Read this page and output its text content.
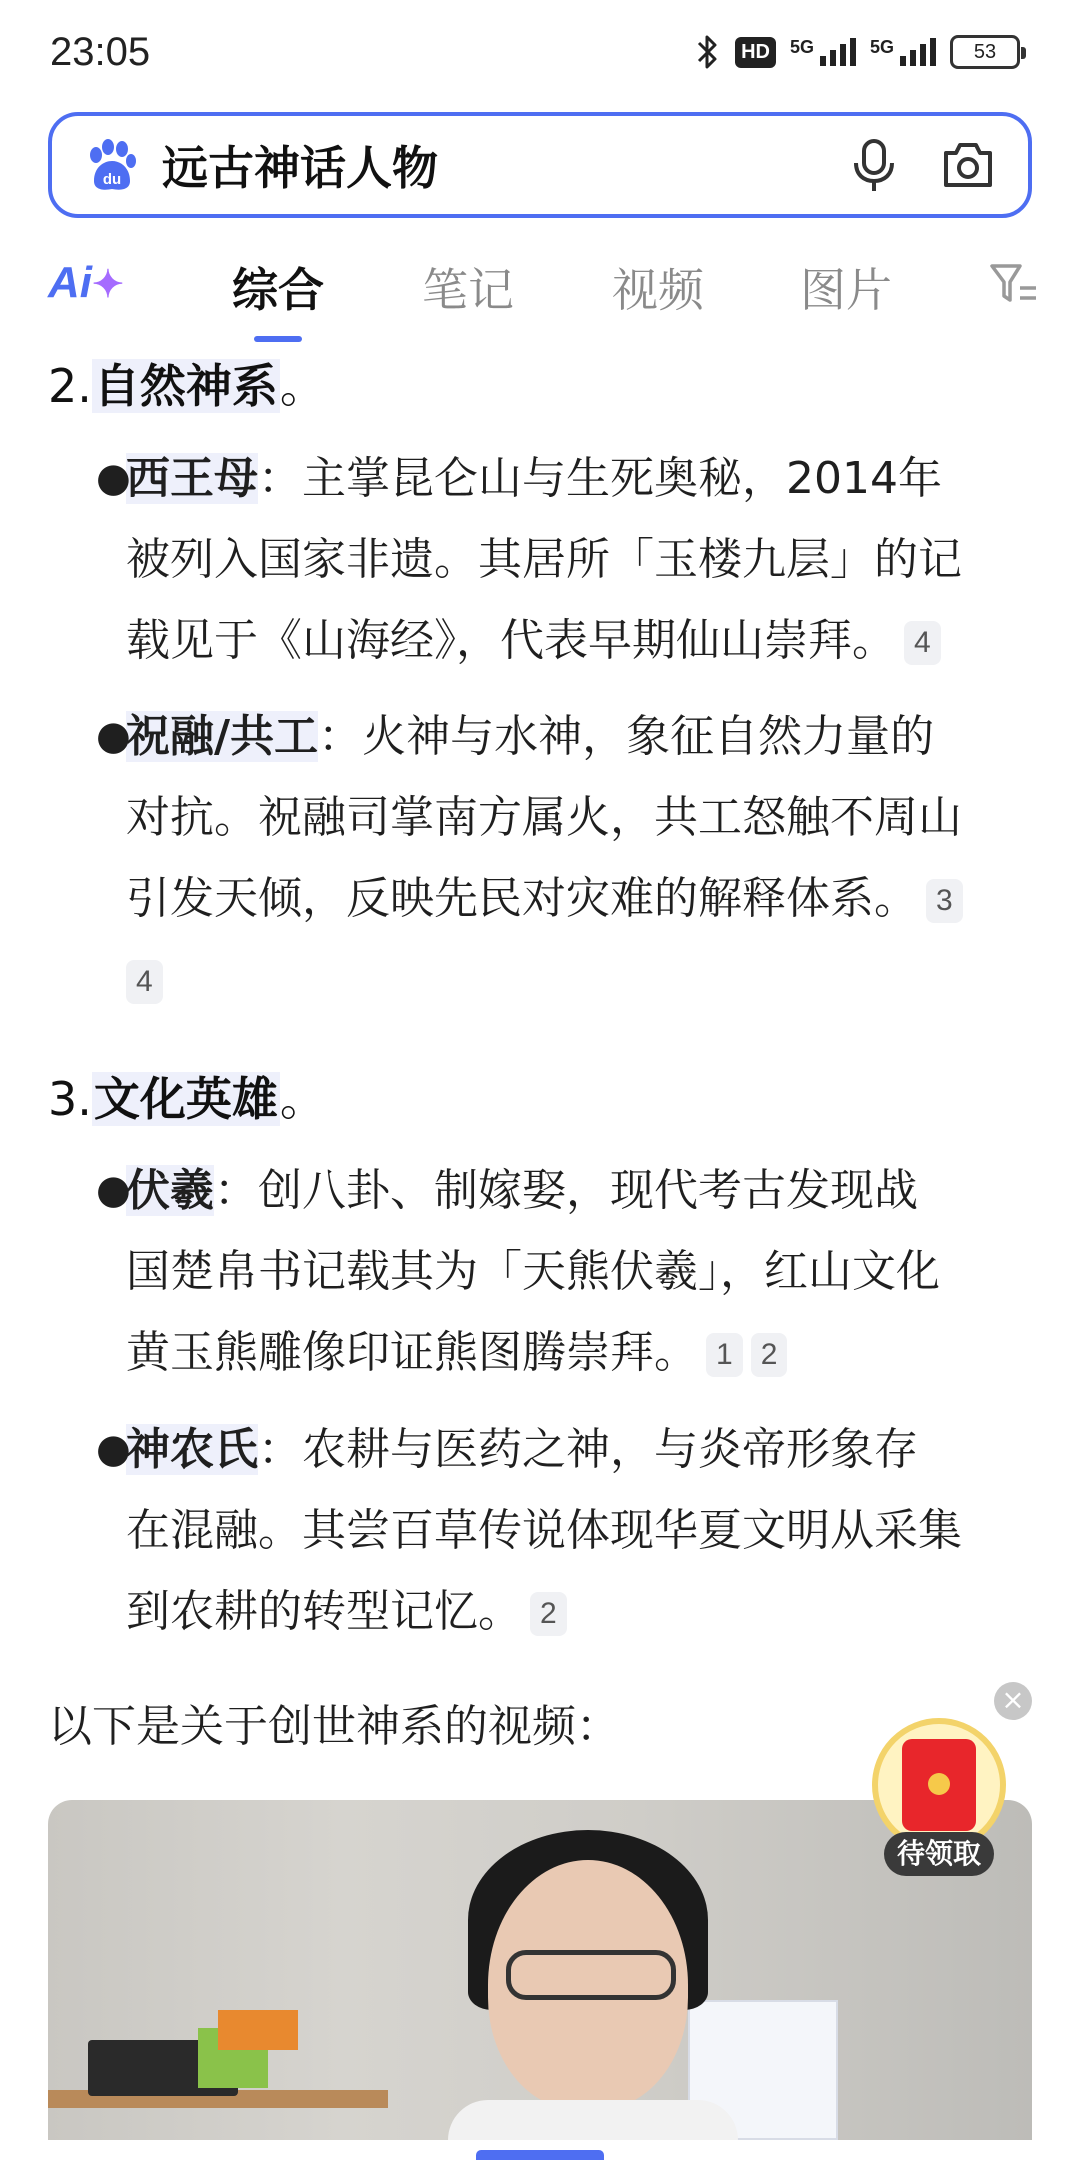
23:05	HD	5G	5G	53
du 远古神话人物
Ai✦ 综合 笔记 视频 图片
2.自然神系。
●
西王母：主掌昆仑山与生死奥秘，2014年
被列入国家非遗。其居所「玉楼九层」的记
载见于《山海经》，代表早期仙山崇拜。 4
●
祝融/共工：火神与水神，象征自然力量的
对抗。祝融司掌南方属火，共工怒触不周山
引发天倾，反映先民对灾难的解释体系。 3
4
3.文化英雄。
●
伏羲：创八卦、制嫁娶，现代考古发现战
国楚帛书记载其为「天熊伏羲」，红山文化
黄玉熊雕像印证熊图腾崇拜。 1 2
●
神农氏：农耕与医药之神，与炎帝形象存
在混融。其尝百草传说体现华夏文明从采集
到农耕的转型记忆。 2
以下是关于创世神系的视频：
×
待领取
